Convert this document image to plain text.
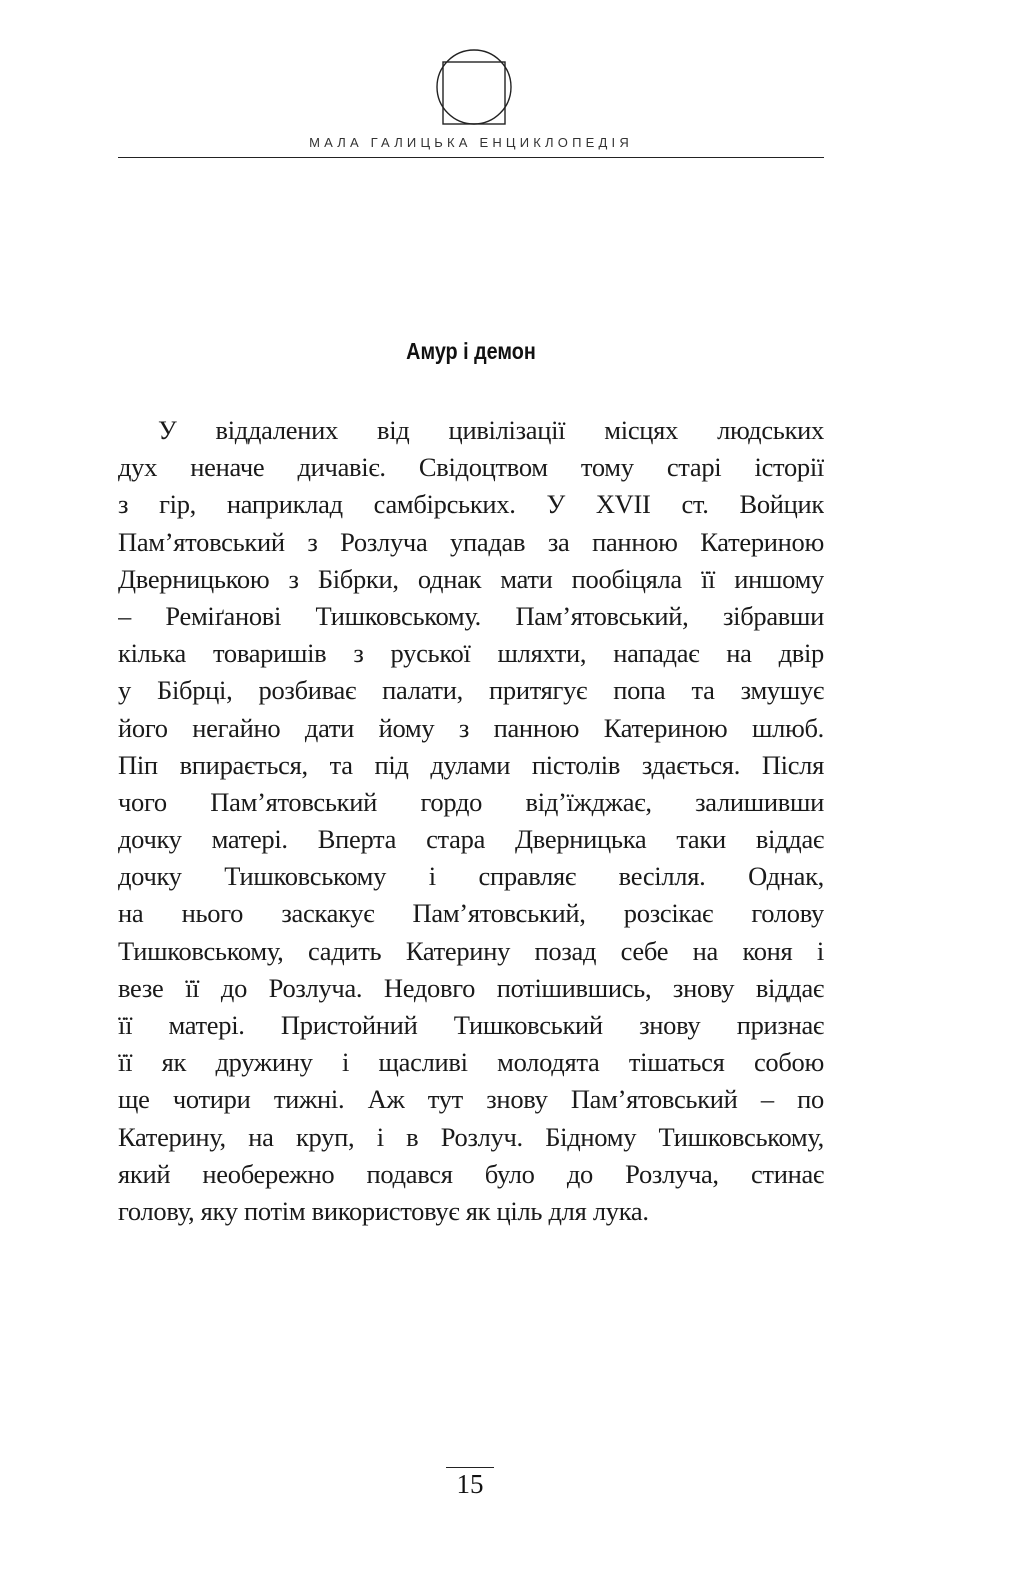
МАЛА ГАЛИЦЬКА ЕНЦИКЛОПЕДІЯ
Амур і демон
У віддалених від цивілізації місцях людських
дух неначе дичавіє. Свідоцтвом тому старі історії
з гір, наприклад самбірських. У XVII ст. Войцик
Пам’ятовський з Розлуча упадав за панною Катериною
Дверницькою з Бібрки, однак мати пообіцяла її иншому
– Реміґанові Тишковському. Пам’ятовський, зібравши
кілька товаришів з руської шляхти, нападає на двір
у Бібрці, розбиває палати, притягує попа та змушує
його негайно дати йому з панною Катериною шлюб.
Піп впирається, та під дулами пістолів здається. Після
чого Пам’ятовський гордо від’їжджає, залишивши
дочку матері. Вперта стара Дверницька таки віддає
дочку Тишковському і справляє весілля. Однак,
на нього заскакує Пам’ятовський, розсікає голову
Тишковському, садить Катерину позад себе на коня і
везе її до Розлуча. Недовго потішившись, знову віддає
її матері. Пристойний Тишковський знову признає
її як дружину і щасливі молодята тішаться собою
ще чотири тижні. Аж тут знову Пам’ятовський – по
Катерину, на круп, і в Розлуч. Бідному Тишковському,
який необережно подався було до Розлуча, стинає
голову, яку потім використовує як ціль для лука.
15
